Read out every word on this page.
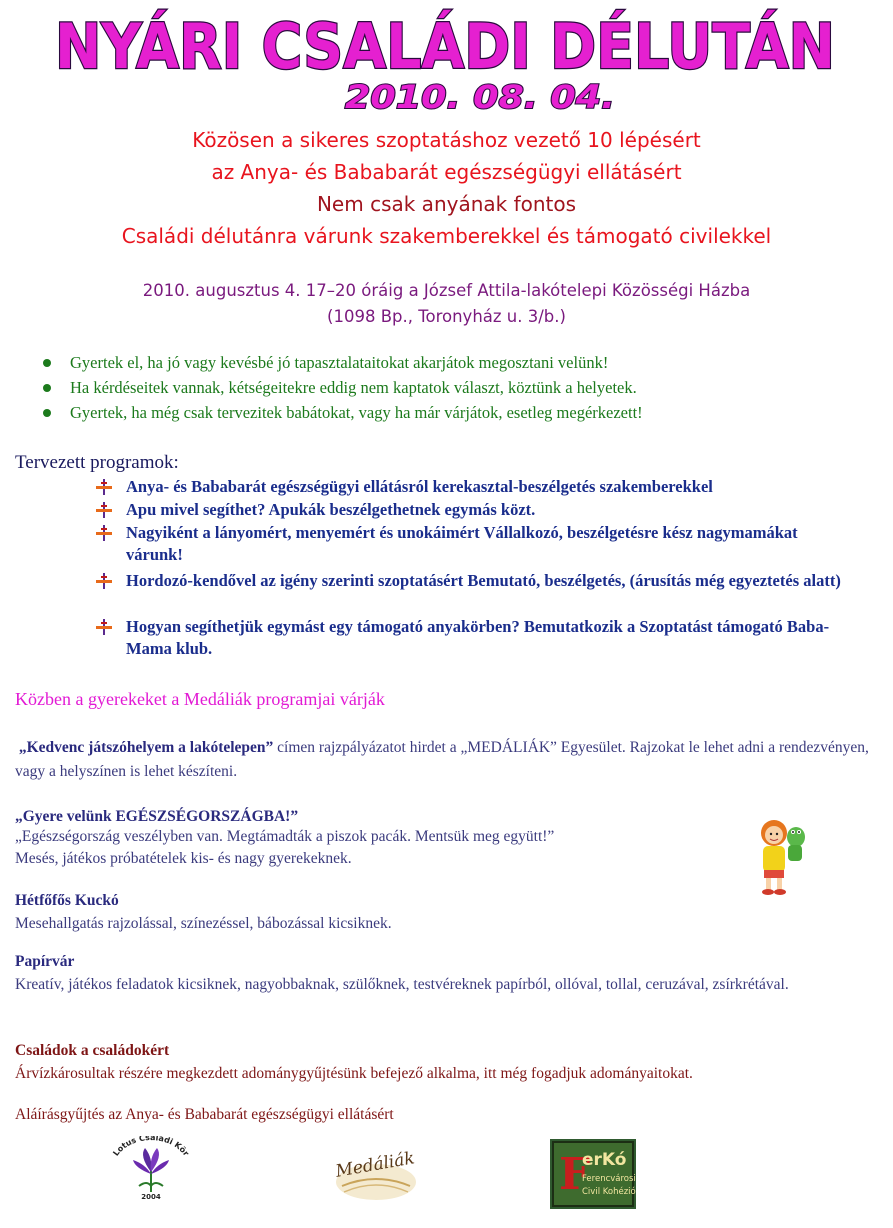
NYÁRI CSALÁDI DÉLUTÁN
2010. 08. 04.
Közösen a sikeres szoptatáshoz vezető 10 lépésért
az Anya- és Bababarát egészségügyi ellátásért
Nem csak anyának fontos
Családi délutánra várunk szakemberekkel és támogató civilekkel
2010. augusztus 4. 17–20 óráig a József Attila-lakótelepi Közösségi Házba
(1098 Bp., Toronyház u. 3/b.)
Gyertek el, ha jó vagy kevésbé jó tapasztalataitokat akarjátok megosztani velünk!
Ha kérdéseitek vannak, kétségeitekre eddig nem kaptatok választ, köztünk a helyetek.
Gyertek, ha még csak tervezitek babátokat, vagy ha már várjátok, esetleg megérkezett!
Tervezett programok:
Anya- és Bababarát egészségügyi ellátásról kerekasztal-beszélgetés szakemberekkel
Apu mivel segíthet? Apukák beszélgethetnek egymás közt.
Nagyiként a lányomért, menyemért és unokáimért Vállalkozó, beszélgetésre kész nagymamákat várunk!
Hordozó-kendővel az igény szerinti szoptatásért Bemutató, beszélgetés, (árusítás még egyeztetés alatt)
Hogyan segíthetjük egymást egy támogató anyakörben? Bemutatkozik a Szoptatást támogató Baba-Mama klub.
Közben a gyerekeket a Medáliák programjai várják
„Kedvenc játszóhelyem a lakótelepen” címen rajzpályázatot hirdet a „MEDÁLIÁK” Egyesület. Rajzokat le lehet adni a rendezvényen, vagy a helyszínen is lehet készíteni.
„Gyere velünk EGÉSZSÉGORSZÁGBA!”
„Egészségország veszélyben van. Megtámadták a piszok pacák. Mentsük meg együtt!”
Mesés, játékos próbatételek kis- és nagy gyerekeknek.
Hétfőfős Kuckó
Mesehallgatás rajzolással, színezéssel, bábozással kicsiknek.
Papírvár
Kreatív, játékos feladatok kicsiknek, nagyobbaknak, szülőknek, testvéreknek papírból, ollóval, tollal, ceruzával, zsírkrétával.
Családok a családokért
Árvízkárosultak részére megkezdett adománygyűjtésünk befejező alkalma, itt még fogadjuk adományaitokat.
Aláírásgyűjtés az Anya- és Bababarát egészségügyi ellátásért
Lotus Családi Kör
2004
Medáliák	F
erKó
Ferencvárosi
Civil Kohézió
